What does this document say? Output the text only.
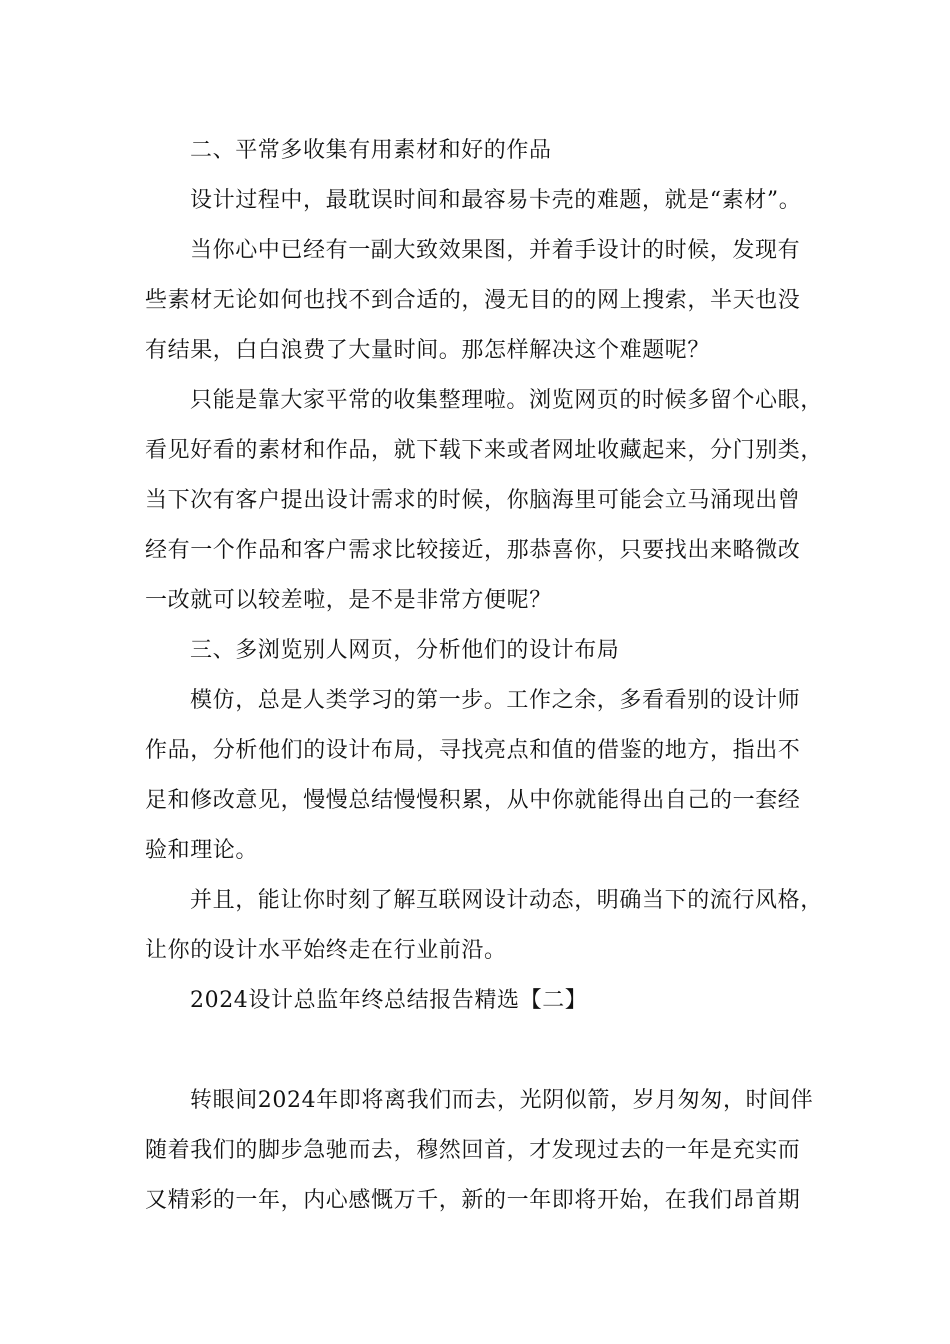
二、平常多收集有用素材和好的作品
设计过程中，最耽误时间和最容易卡壳的难题，就是“素材”。
当你心中已经有一副大致效果图，并着手设计的时候，发现有
些素材无论如何也找不到合适的，漫无目的的网上搜索，半天也没
有结果，白白浪费了大量时间。那怎样解决这个难题呢？
只能是靠大家平常的收集整理啦。浏览网页的时候多留个心眼，
看见好看的素材和作品，就下载下来或者网址收藏起来，分门别类，
当下次有客户提出设计需求的时候，你脑海里可能会立马涌现出曾
经有一个作品和客户需求比较接近，那恭喜你，只要找出来略微改
一改就可以较差啦，是不是非常方便呢？
三、多浏览别人网页，分析他们的设计布局
模仿，总是人类学习的第一步。工作之余，多看看别的设计师
作品，分析他们的设计布局，寻找亮点和值的借鉴的地方，指出不
足和修改意见，慢慢总结慢慢积累，从中你就能得出自己的一套经
验和理论。
并且，能让你时刻了解互联网设计动态，明确当下的流行风格，
让你的设计水平始终走在行业前沿。
2024设计总监年终总结报告精选【二】
转眼间2024年即将离我们而去，光阴似箭，岁月匆匆，时间伴
随着我们的脚步急驰而去，穆然回首，才发现过去的一年是充实而
又精彩的一年，内心感慨万千，新的一年即将开始，在我们昂首期
